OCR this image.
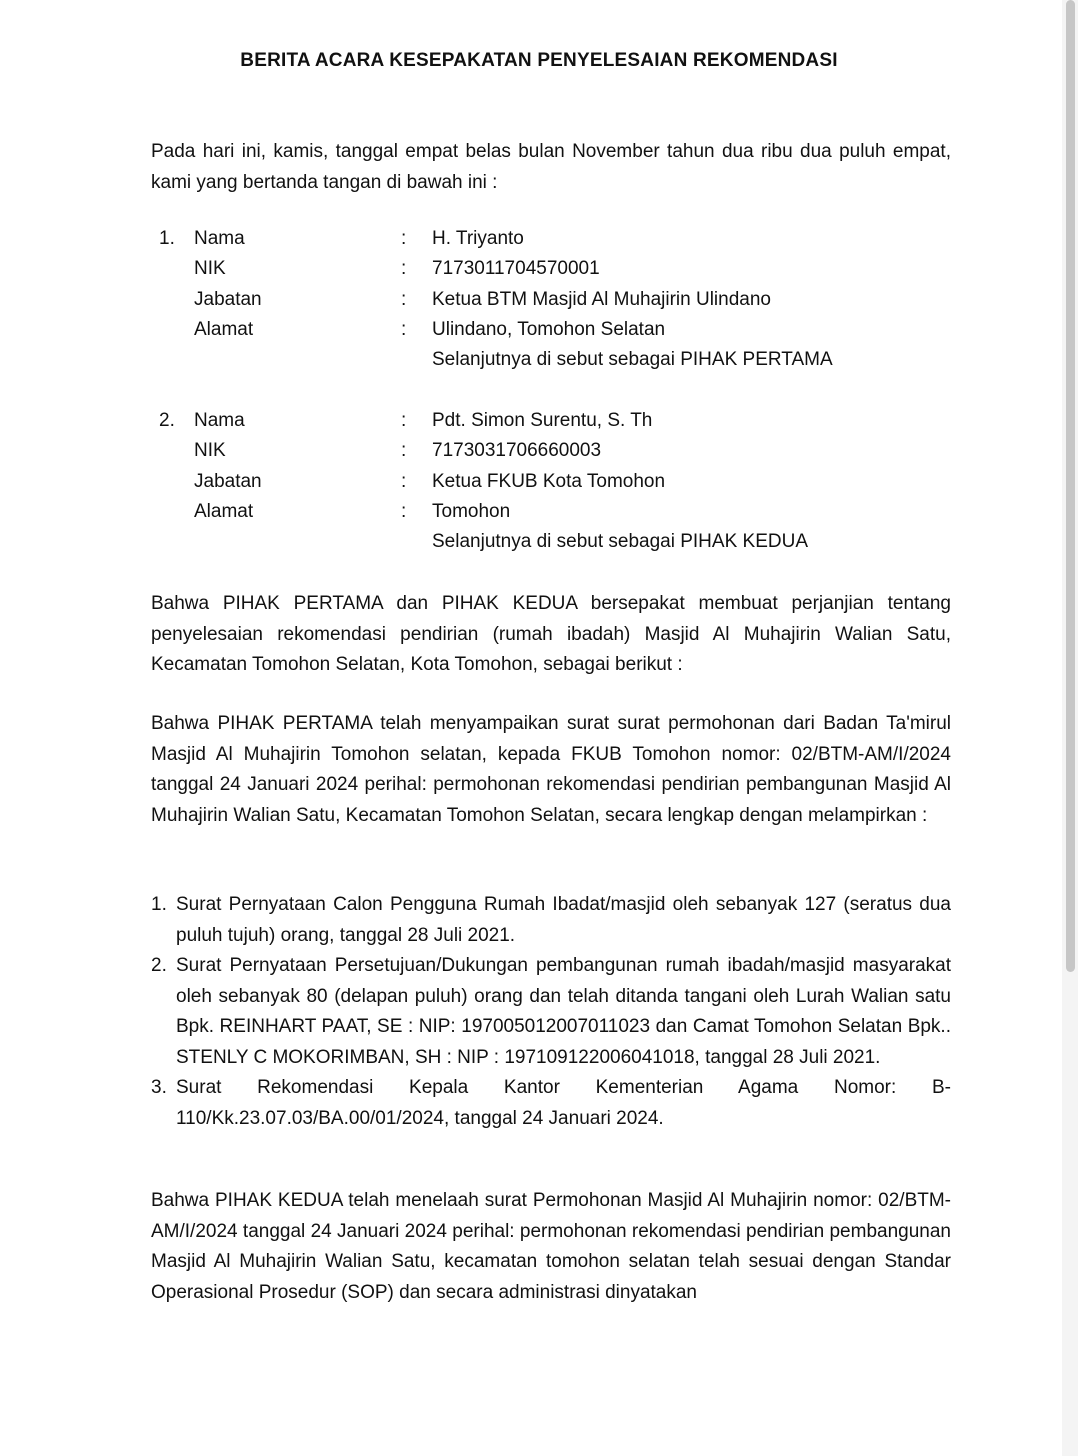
BERITA ACARA KESEPAKATAN PENYELESAIAN REKOMENDASI
Pada hari ini, kamis, tanggal empat belas bulan November tahun dua ribu dua puluh empat, kami yang bertanda tangan di bawah ini :
1. Nama	: H. Triyanto
NIK	: 7173011704570001
Jabatan	: Ketua BTM Masjid Al Muhajirin Ulindano
Alamat	: Ulindano, Tomohon Selatan
Selanjutnya di sebut sebagai PIHAK PERTAMA
2. Nama	: Pdt. Simon Surentu, S. Th
NIK	: 7173031706660003
Jabatan	: Ketua FKUB Kota Tomohon
Alamat	: Tomohon
Selanjutnya di sebut sebagai PIHAK KEDUA
Bahwa PIHAK PERTAMA dan PIHAK KEDUA bersepakat membuat perjanjian tentang penyelesaian rekomendasi pendirian (rumah ibadah) Masjid Al Muhajirin Walian Satu, Kecamatan Tomohon Selatan, Kota Tomohon, sebagai berikut :
Bahwa PIHAK PERTAMA telah menyampaikan surat surat permohonan dari Badan Ta'mirul Masjid Al Muhajirin Tomohon selatan, kepada FKUB Tomohon nomor: 02/BTM-AM/I/2024 tanggal 24 Januari 2024 perihal: permohonan rekomendasi pendirian pembangunan Masjid Al Muhajirin Walian Satu, Kecamatan Tomohon Selatan, secara lengkap dengan melampirkan :
1. Surat Pernyataan Calon Pengguna Rumah Ibadat/masjid oleh sebanyak 127 (seratus dua puluh tujuh) orang, tanggal 28 Juli 2021.
2. Surat Pernyataan Persetujuan/Dukungan pembangunan rumah ibadah/masjid masyarakat oleh sebanyak 80 (delapan puluh) orang dan telah ditanda tangani oleh Lurah Walian satu Bpk. REINHART PAAT, SE : NIP: 197005012007011023 dan Camat Tomohon Selatan Bpk.. STENLY C MOKORIMBAN, SH : NIP : 197109122006041018, tanggal 28 Juli 2021.
3. Surat Rekomendasi Kepala Kantor Kementerian Agama Nomor: B-110/Kk.23.07.03/BA.00/01/2024, tanggal 24 Januari 2024.
Bahwa PIHAK KEDUA telah menelaah surat Permohonan Masjid Al Muhajirin nomor: 02/BTM-AM/I/2024 tanggal 24 Januari 2024 perihal: permohonan rekomendasi pendirian pembangunan Masjid Al Muhajirin Walian Satu, kecamatan tomohon selatan telah sesuai dengan Standar Operasional Prosedur (SOP) dan secara administrasi dinyatakan
